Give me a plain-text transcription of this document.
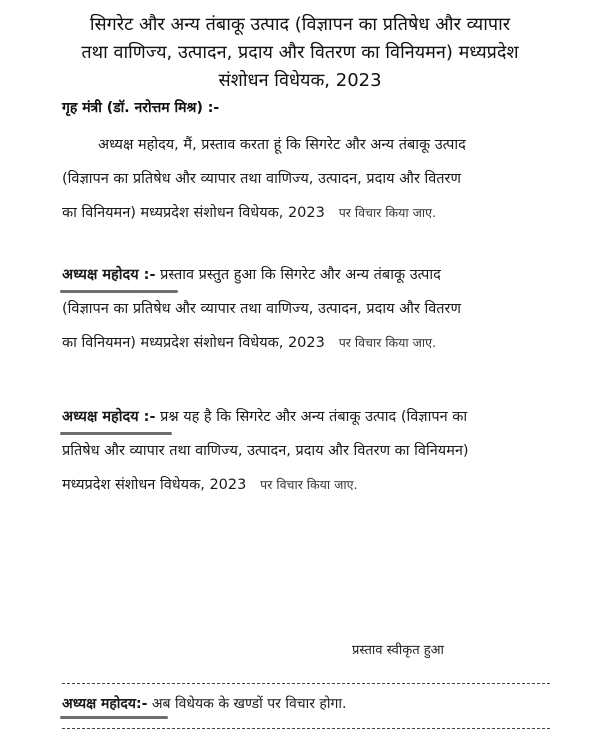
सिगरेट और अन्य तंबाकू उत्पाद (विज्ञापन का प्रतिषेध और व्यापार
तथा वाणिज्य, उत्पादन, प्रदाय और वितरण का विनियमन) मध्यप्रदेश
संशोधन विधेयक, 2023
गृह मंत्री (डॉ. नरोत्तम मिश्र) :-
अध्यक्ष महोदय, मैं, प्रस्ताव करता हूं कि सिगरेट और अन्य तंबाकू उत्पाद
(विज्ञापन का प्रतिषेध और व्यापार तथा वाणिज्य, उत्पादन, प्रदाय और वितरण
का विनियमन) मध्यप्रदेश संशोधन विधेयक, 2023 पर विचार किया जाए.
अध्यक्ष महोदय :- प्रस्ताव प्रस्तुत हुआ कि सिगरेट और अन्य तंबाकू उत्पाद
(विज्ञापन का प्रतिषेध और व्यापार तथा वाणिज्य, उत्पादन, प्रदाय और वितरण
का विनियमन) मध्यप्रदेश संशोधन विधेयक, 2023 पर विचार किया जाए.
अध्यक्ष महोदय :- प्रश्न यह है कि सिगरेट और अन्य तंबाकू उत्पाद (विज्ञापन का
प्रतिषेध और व्यापार तथा वाणिज्य, उत्पादन, प्रदाय और वितरण का विनियमन)
मध्यप्रदेश संशोधन विधेयक, 2023 पर विचार किया जाए.
प्रस्ताव स्वीकृत हुआ
अध्यक्ष महोदय:- अब विधेयक के खण्डों पर विचार होगा.
